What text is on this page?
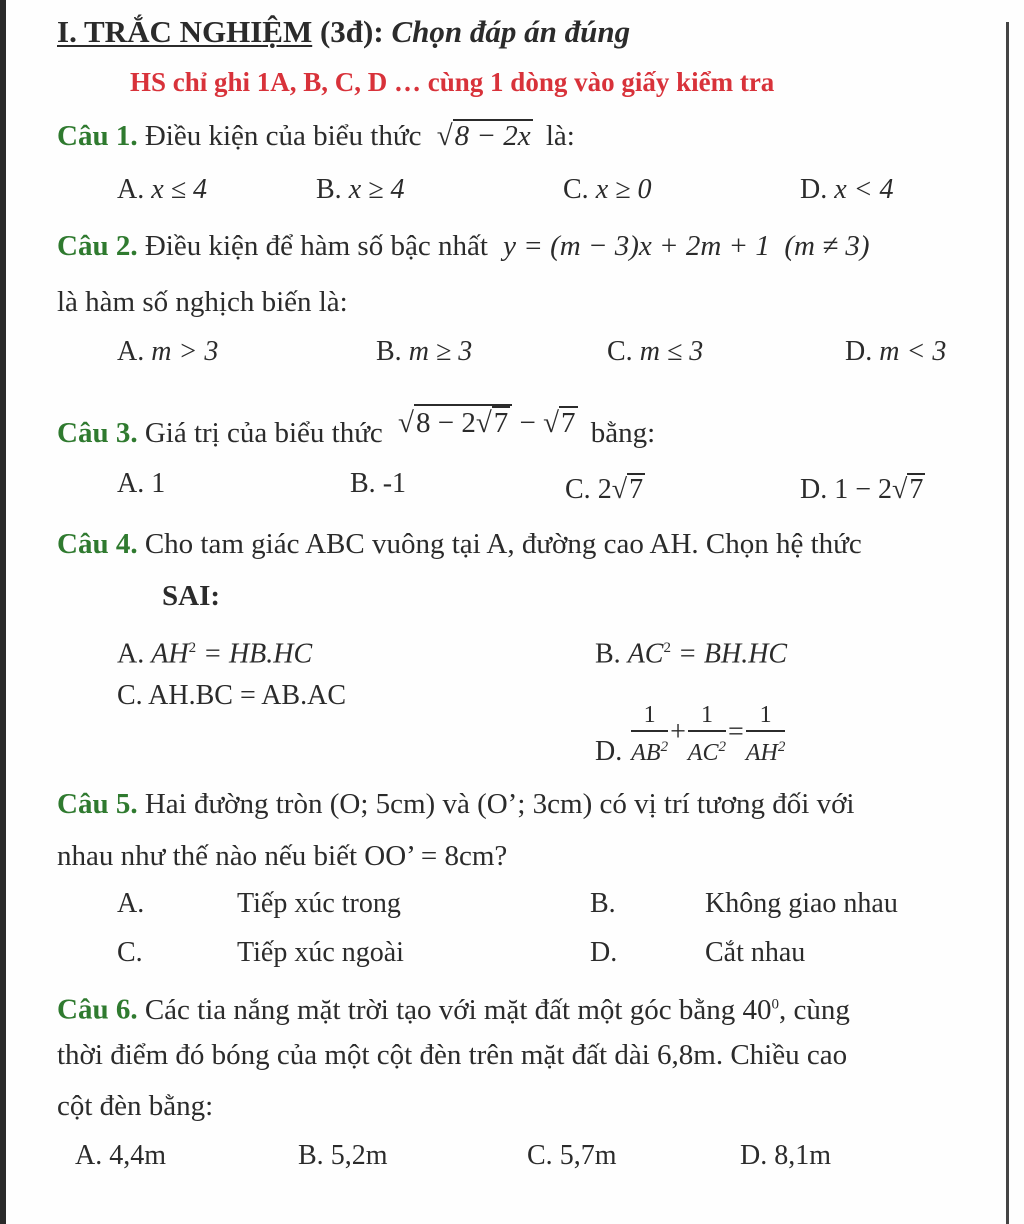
I. TRẮC NGHIỆM (3đ): Chọn đáp án đúng
HS chỉ ghi 1A, B, C, D … cùng 1 dòng vào giấy kiểm tra
Câu 1. Điều kiện của biểu thức √8 − 2x là:
A. x ≤ 4	B. x ≥ 4	C. x ≥ 0	D. x < 4
Câu 2. Điều kiện để hàm số bậc nhất y = (m − 3)x + 2m + 1  (m ≠ 3)
là hàm số nghịch biến là:
A. m > 3	B. m ≥ 3	C. m ≤ 3	D. m < 3
Câu 3. Giá trị của biểu thức √8 − 2√7 − √7 bằng:
A. 1	B. -1	C. 2√7	D. 1 − 2√7
Câu 4. Cho tam giác ABC vuông tại A, đường cao AH. Chọn hệ thức
SAI:
A. $AH^2 = HB.HC$	B. $AC^2 = BH.HC$
C. AH.BC = AB.AC
D. $\frac{1}{AB^2} + \frac{1}{AC^2} = \frac{1}{AH^2}$
Câu 5. Hai đường tròn (O; 5cm) và (O’; 3cm) có vị trí tương đối với
nhau như thế nào nếu biết OO’ = 8cm?
A.	Tiếp xúc trong	B.	Không giao nhau
C.	Tiếp xúc ngoài	D.	Cắt nhau
Câu 6. Các tia nắng mặt trời tạo với mặt đất một góc bằng $40^0$, cùng
thời điểm đó bóng của một cột đèn trên mặt đất dài 6,8m. Chiều cao
cột đèn bằng:
A. 4,4m	B. 5,2m	C. 5,7m	D. 8,1m
